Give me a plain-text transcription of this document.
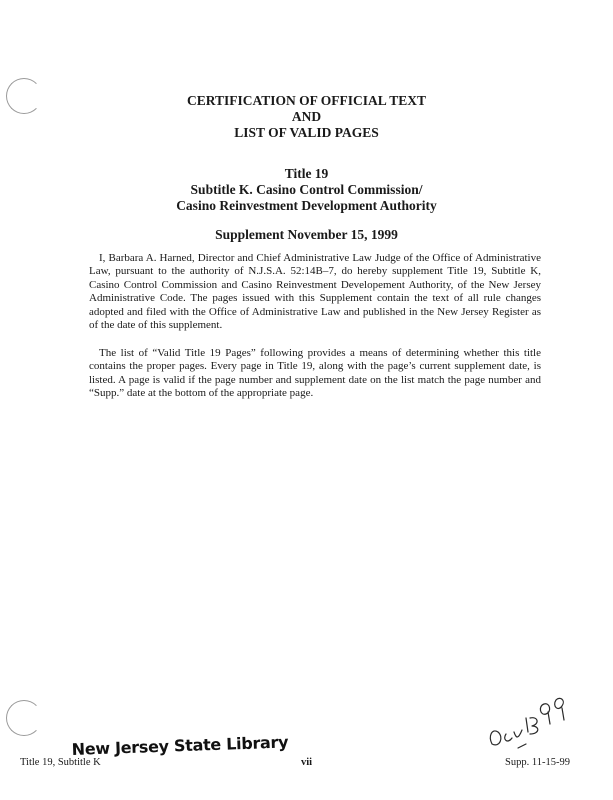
CERTIFICATION OF OFFICIAL TEXT
AND
LIST OF VALID PAGES
Title 19
Subtitle K. Casino Control Commission/
Casino Reinvestment Development Authority
Supplement November 15, 1999

I, Barbara A. Harned, Director and Chief Administrative Law Judge of the Office of Administrative Law, pursuant to the authority of N.J.S.A. 52:14B–7, do hereby supplement Title 19, Subtitle K, Casino Control Commission and Casino Reinvestment Developement Authority, of the New Jersey Administrative Code. The pages issued with this Supplement contain the text of all rule changes adopted and filed with the Office of Administrative Law and published in the New Jersey Register as of the date of this supplement.

The list of “Valid Title 19 Pages” following provides a means of determining whether this title contains the proper pages. Every page in Title 19, along with the page’s current supplement date, is listed. A page is valid if the page number and supplement date on the list match the page number and “Supp.” date at the bottom of the appropriate page.

New Jersey State Library
Title 19, Subtitle K	vii	Supp. 11-15-99
